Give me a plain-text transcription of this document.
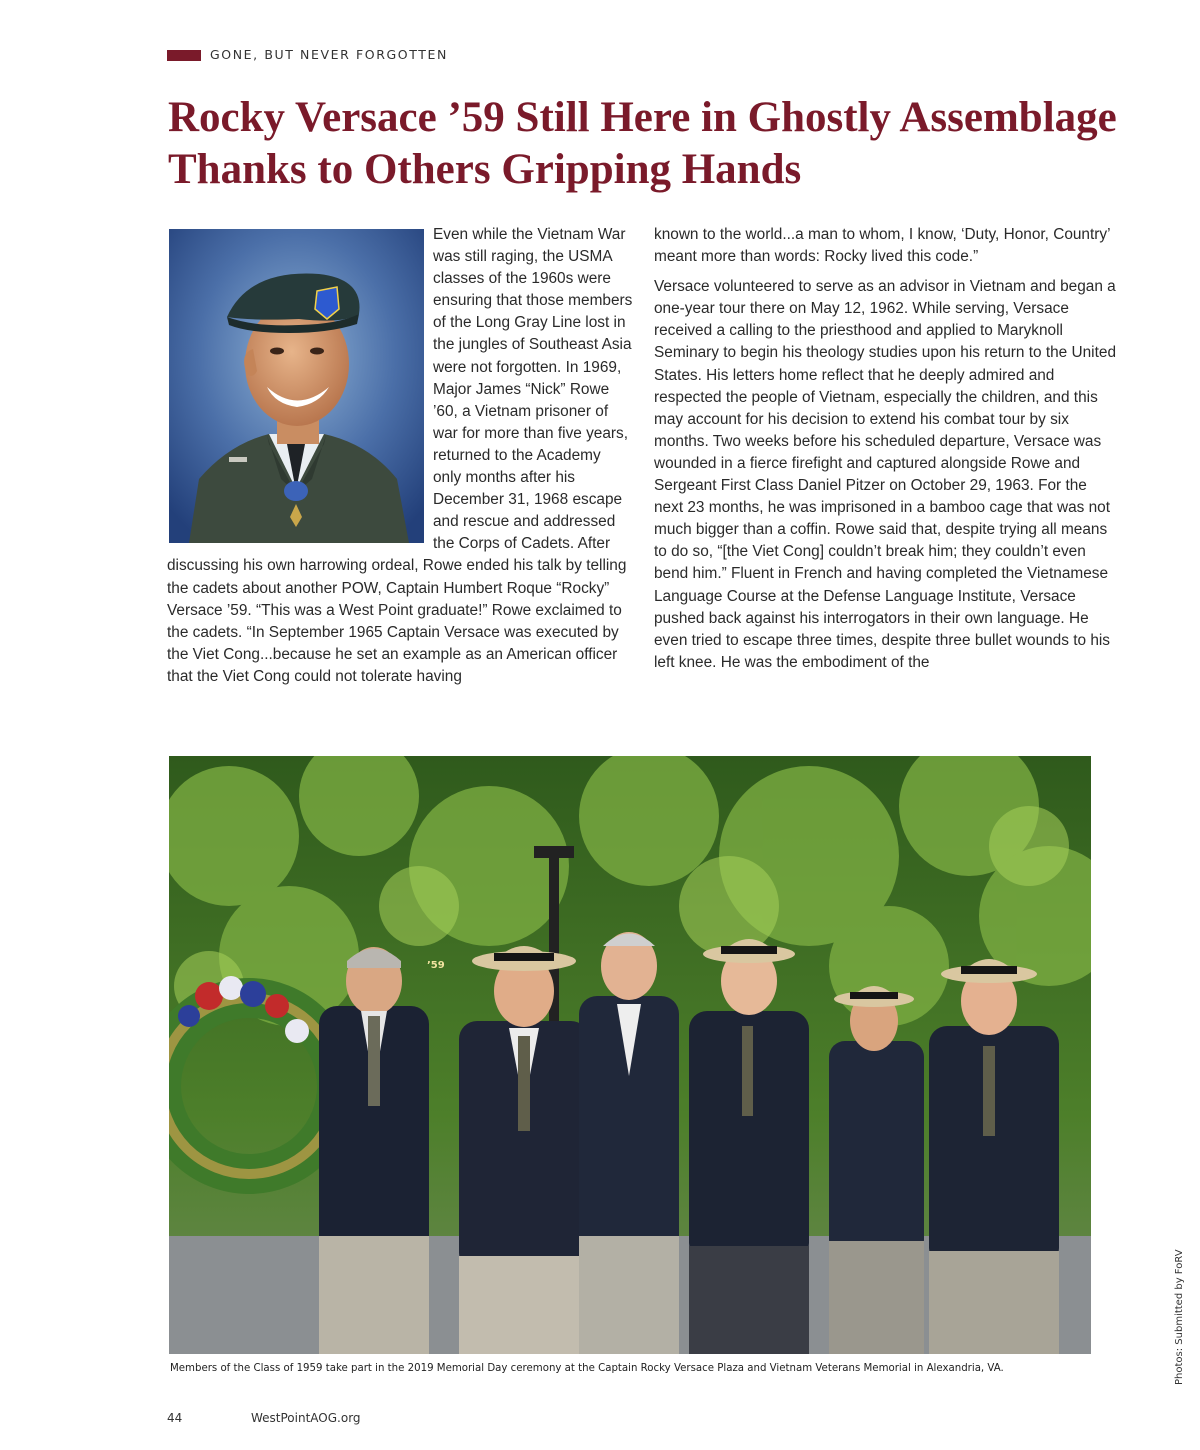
GONE, BUT NEVER FORGOTTEN
Rocky Versace ’59 Still Here in Ghostly Assemblage Thanks to Others Gripping Hands

Even while the Vietnam War was still raging, the USMA classes of the 1960s were ensuring that those members of the Long Gray Line lost in the jungles of Southeast Asia were not forgotten. In 1969, Major James “Nick” Rowe ’60, a Vietnam prisoner of war for more than five years, returned to the Academy only months after his December 31, 1968 escape and rescue and addressed the Corps of Cadets. After discussing his own harrowing ordeal, Rowe ended his talk by telling the cadets about another POW, Captain Humbert Roque “Rocky” Versace ’59. “This was a West Point graduate!” Rowe exclaimed to the cadets. “In September 1965 Captain Versace was executed by the Viet Cong...because he set an example as an American officer that the Viet Cong could not tolerate having

known to the world...a man to whom, I know, ‘Duty, Honor, Country’ meant more than words: Rocky lived this code.”

Versace volunteered to serve as an advisor in Vietnam and began a one-year tour there on May 12, 1962. While serving, Versace received a calling to the priesthood and applied to Maryknoll Seminary to begin his theology studies upon his return to the United States. His letters home reflect that he deeply admired and respected the people of Vietnam, especially the children, and this may account for his decision to extend his combat tour by six months. Two weeks before his scheduled departure, Versace was wounded in a fierce firefight and captured alongside Rowe and Sergeant First Class Daniel Pitzer on October 29, 1963. For the next 23 months, he was imprisoned in a bamboo cage that was not much bigger than a coffin. Rowe said that, despite trying all means to do so, “[the Viet Cong] couldn’t break him; they couldn’t even bend him.” Fluent in French and having completed the Vietnamese Language Course at the Defense Language Institute, Versace pushed back against his interrogators in their own language. He even tried to escape three times, despite three bullet wounds to his left knee. He was the embodiment of the

’59
Members of the Class of 1959 take part in the 2019 Memorial Day ceremony at the Captain Rocky Versace Plaza and Vietnam Veterans Memorial in Alexandria, VA.	Photos: Submitted by FoRV
44	WestPointAOG.org
